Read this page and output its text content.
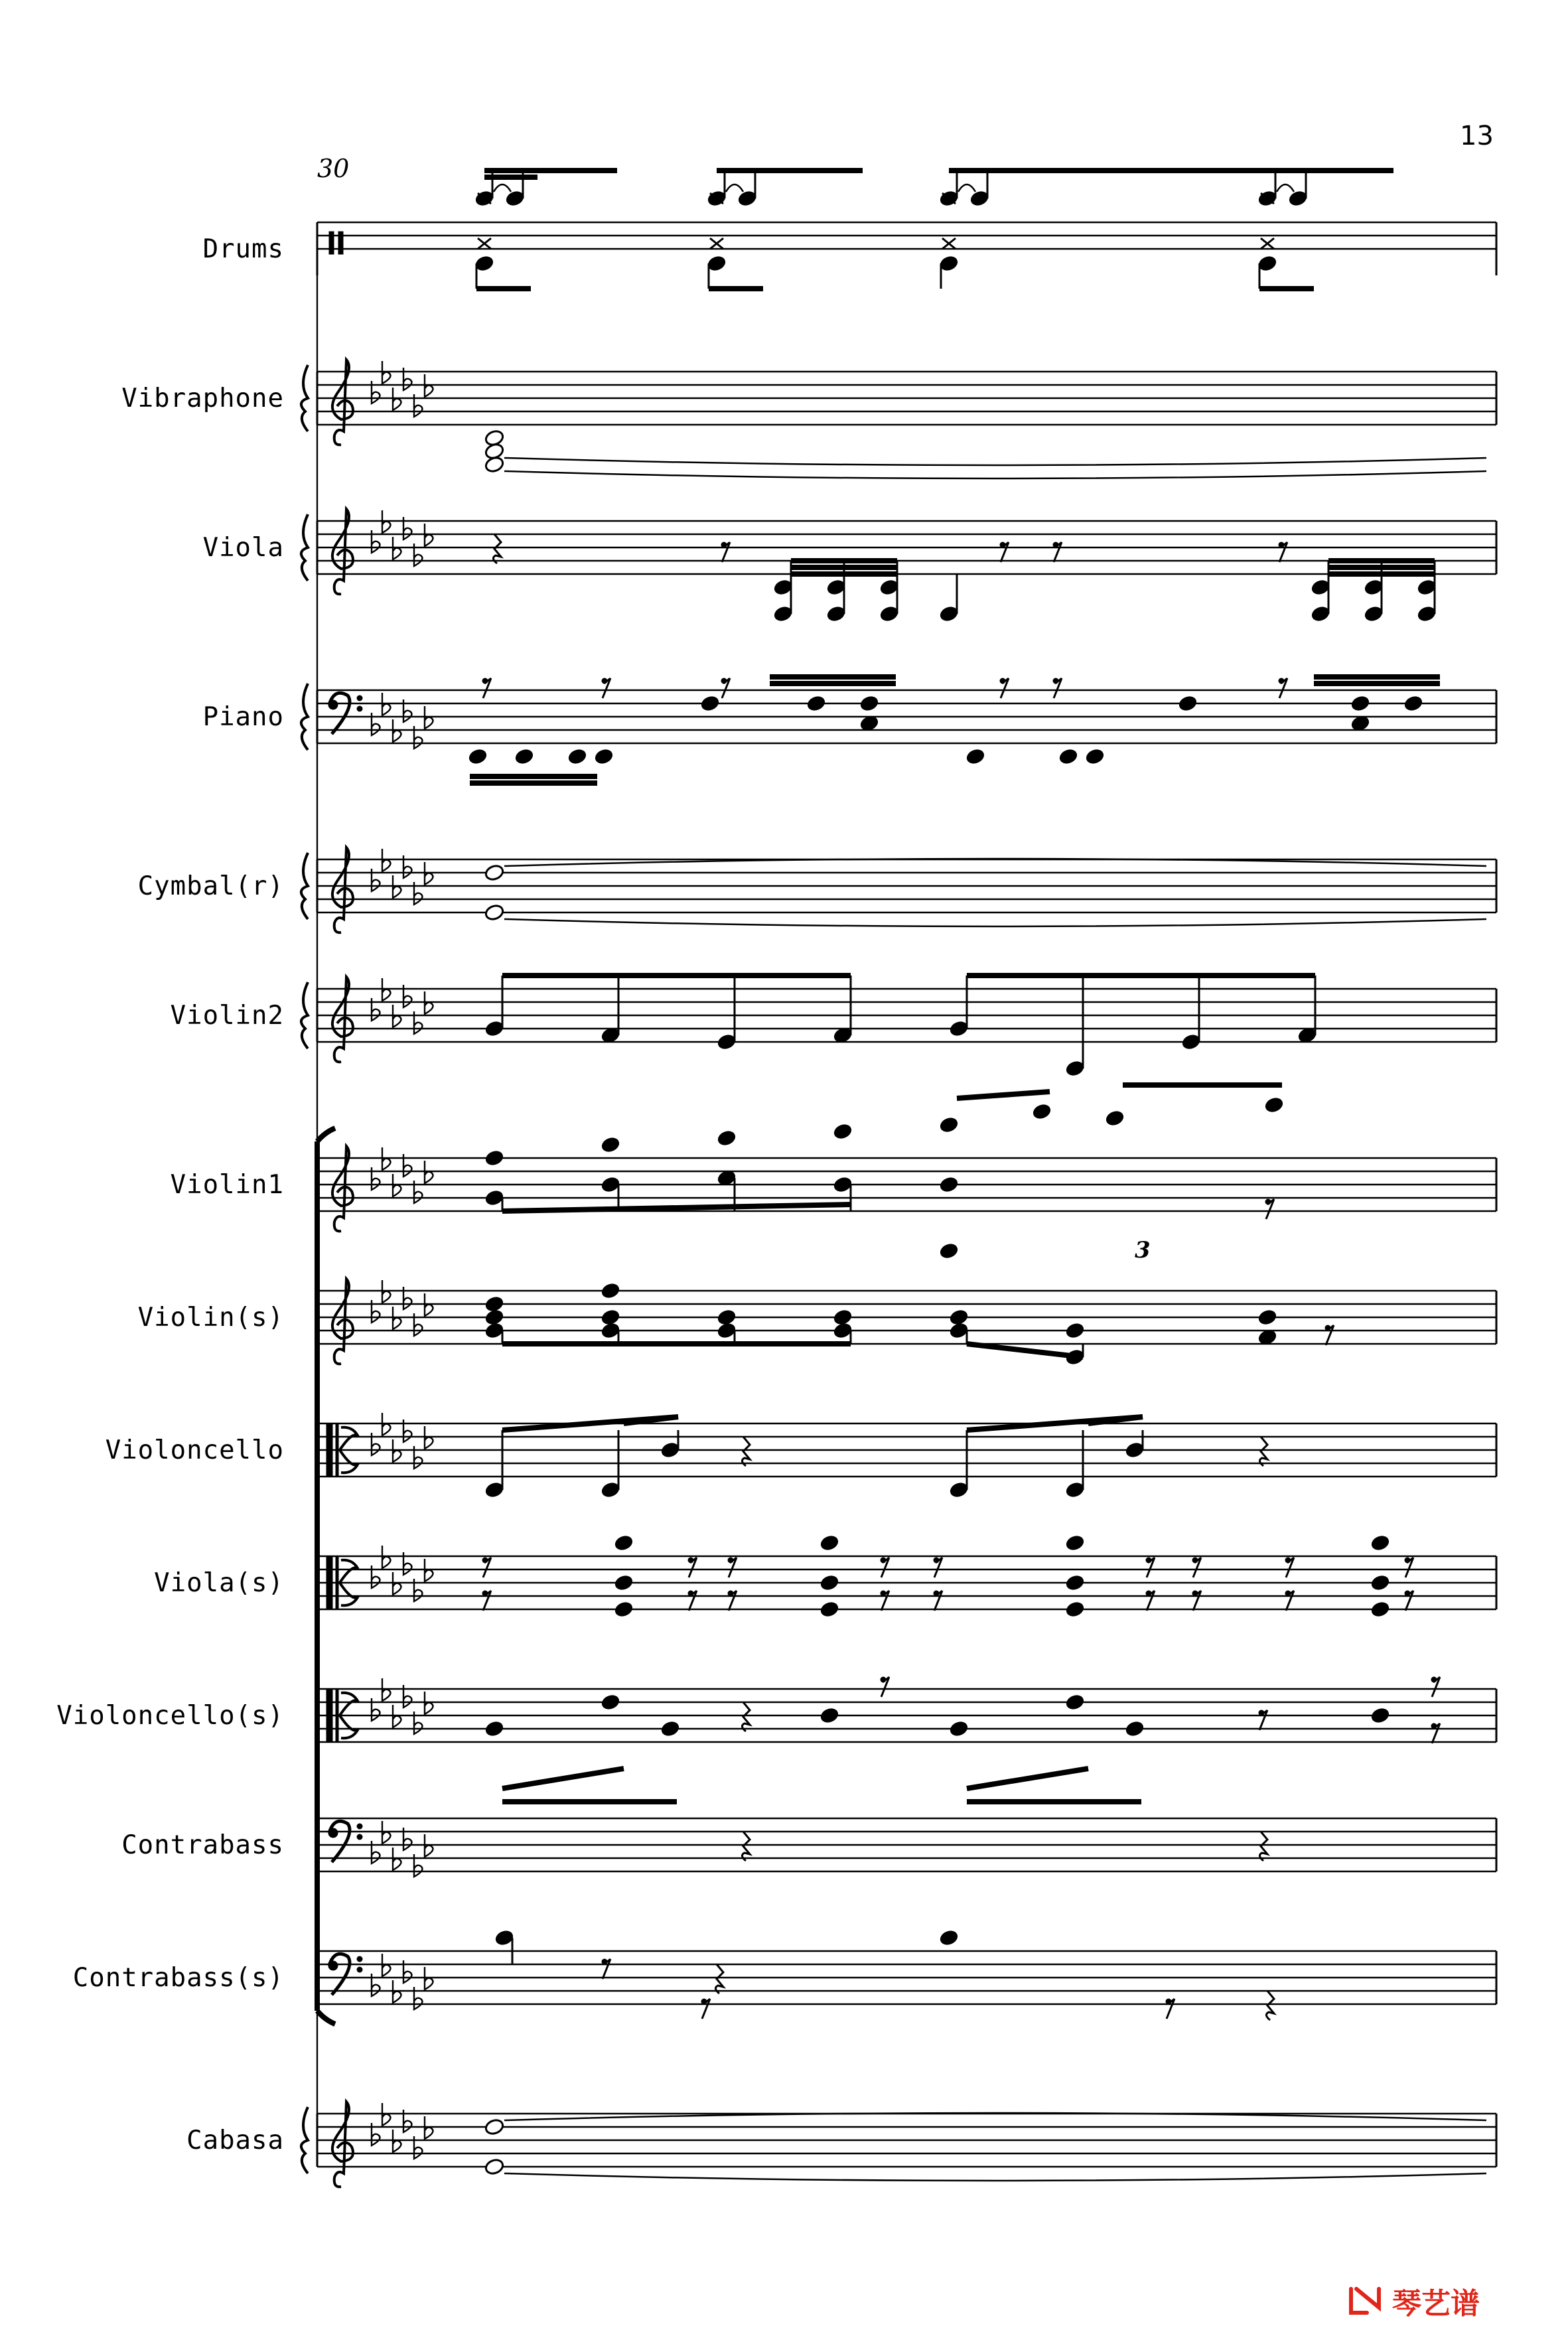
3
13
30
Drums
Vibraphone
Viola
Piano
Cymbal(r)
Violin2
Violin1
Violin(s)
Violoncello
Viola(s)
Violoncello(s)
Contrabass
Contrabass(s)
Cabasa
琴艺谱
